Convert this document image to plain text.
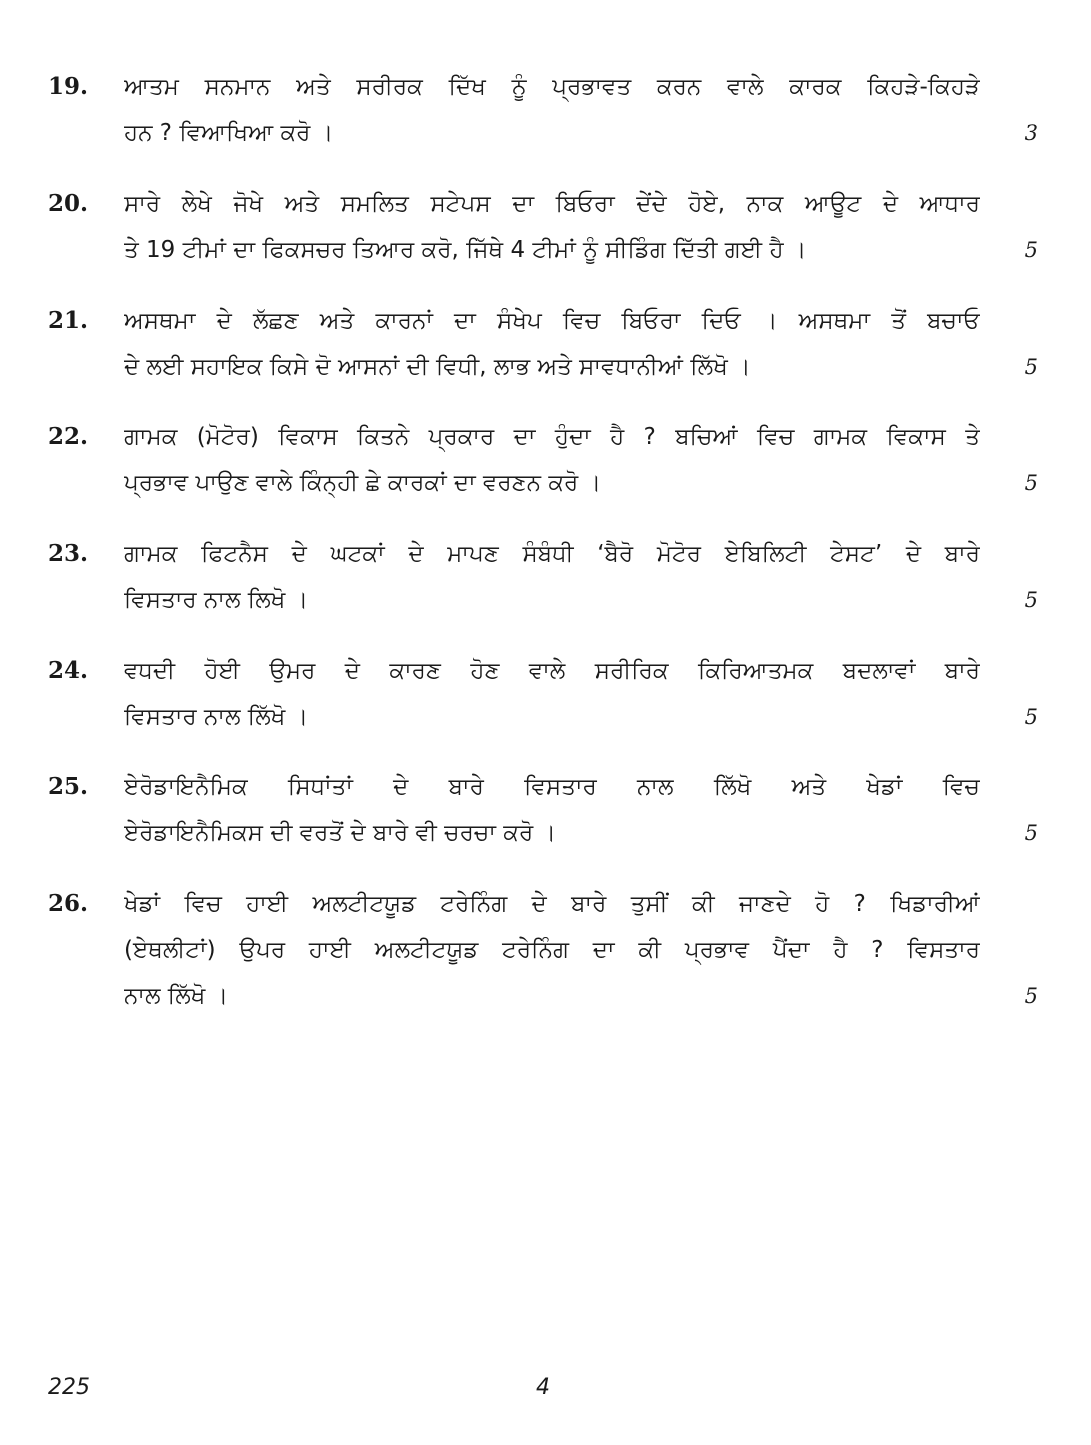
19.	ਆਤਮ ਸਨਮਾਨ ਅਤੇ ਸਰੀਰਕ ਦਿੱਖ ਨੂੰ ਪ੍ਰਭਾਵਤ ਕਰਨ ਵਾਲੇ ਕਾਰਕ ਕਿਹੜੇ-ਕਿਹੜੇ
ਹਨ ? ਵਿਆਖਿਆ ਕਰੋ ।	3
20.	ਸਾਰੇ ਲੇਖੇ ਜੋਖੇ ਅਤੇ ਸਮਲਿਤ ਸਟੇਪਸ ਦਾ ਬਿਓਰਾ ਦੇਂਦੇ ਹੋਏ, ਨਾਕ ਆਊਟ ਦੇ ਆਧਾਰ
ਤੇ 19 ਟੀਮਾਂ ਦਾ ਫਿਕਸਚਰ ਤਿਆਰ ਕਰੋ, ਜਿੱਥੇ 4 ਟੀਮਾਂ ਨੂੰ ਸੀਡਿੰਗ ਦਿੱਤੀ ਗਈ ਹੈ ।	5
21.	ਅਸਥਮਾ ਦੇ ਲੱਛਣ ਅਤੇ ਕਾਰਨਾਂ ਦਾ ਸੰਖੇਪ ਵਿਚ ਬਿਓਰਾ ਦਿਓ । ਅਸਥਮਾ ਤੋਂ ਬਚਾਓ
ਦੇ ਲਈ ਸਹਾਇਕ ਕਿਸੇ ਦੋ ਆਸਨਾਂ ਦੀ ਵਿਧੀ, ਲਾਭ ਅਤੇ ਸਾਵਧਾਨੀਆਂ ਲਿੱਖੋ ।	5
22.	ਗਾਮਕ (ਮੋਟੋਰ) ਵਿਕਾਸ ਕਿਤਨੇ ਪ੍ਰਕਾਰ ਦਾ ਹੁੰਦਾ ਹੈ ? ਬਚਿਆਂ ਵਿਚ ਗਾਮਕ ਵਿਕਾਸ ਤੇ
ਪ੍ਰਭਾਵ ਪਾਉਣ ਵਾਲੇ ਕਿੰਨ੍ਹੀ ਛੇ ਕਾਰਕਾਂ ਦਾ ਵਰਣਨ ਕਰੋ ।	5
23.	ਗਾਮਕ ਫਿਟਨੈਸ ਦੇ ਘਟਕਾਂ ਦੇ ਮਾਪਣ ਸੰਬੰਧੀ ‘ਬੈਰੋ ਮੋਟੋਰ ਏਬਿਲਿਟੀ ਟੇਸਟ’ ਦੇ ਬਾਰੇ
ਵਿਸਤਾਰ ਨਾਲ ਲਿਖੋ ।	5
24.	ਵਧਦੀ ਹੋਈ ਉਮਰ ਦੇ ਕਾਰਣ ਹੋਣ ਵਾਲੇ ਸਰੀਰਿਕ ਕਿਰਿਆਤਮਕ ਬਦਲਾਵਾਂ ਬਾਰੇ
ਵਿਸਤਾਰ ਨਾਲ ਲਿੱਖੋ ।	5
25.	ਏਰੋਡਾਇਨੈਮਿਕ ਸਿਧਾਂਤਾਂ ਦੇ ਬਾਰੇ ਵਿਸਤਾਰ ਨਾਲ ਲਿੱਖੋ ਅਤੇ ਖੇਡਾਂ ਵਿਚ
ਏਰੋਡਾਇਨੈਮਿਕਸ ਦੀ ਵਰਤੋਂ ਦੇ ਬਾਰੇ ਵੀ ਚਰਚਾ ਕਰੋ ।	5
26.	ਖੇਡਾਂ ਵਿਚ ਹਾਈ ਅਲਟੀਟਯੂਡ ਟਰੇਨਿੰਗ ਦੇ ਬਾਰੇ ਤੁਸੀਂ ਕੀ ਜਾਣਦੇ ਹੋ ? ਖਿਡਾਰੀਆਂ
(ਏਥਲੀਟਾਂ) ਉਪਰ ਹਾਈ ਅਲਟੀਟਯੂਡ ਟਰੇਨਿੰਗ ਦਾ ਕੀ ਪ੍ਰਭਾਵ ਪੈਂਦਾ ਹੈ ? ਵਿਸਤਾਰ
ਨਾਲ ਲਿੱਖੋ ।	5
225	4
